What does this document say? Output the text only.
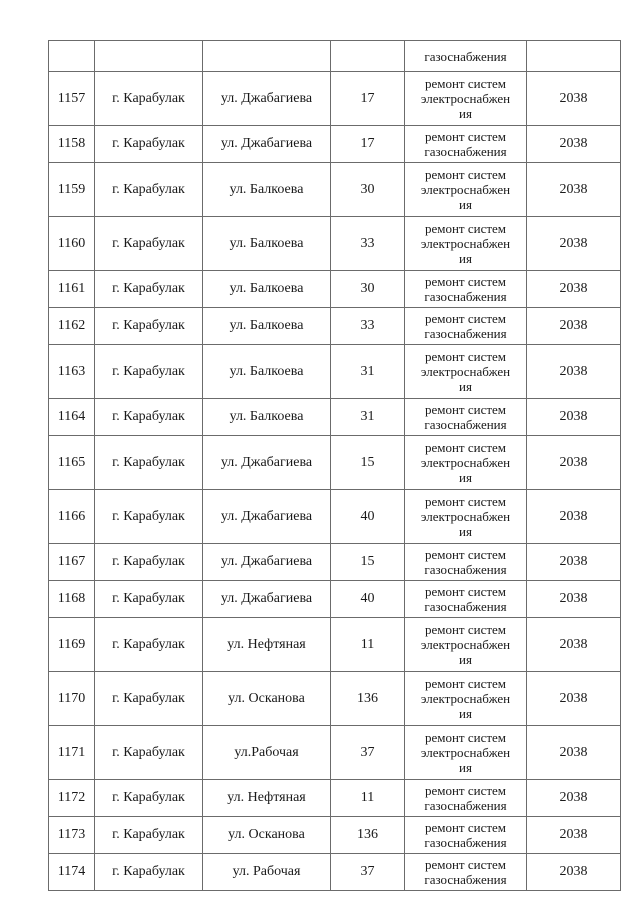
				газоснабжения	
1157	г. Карабулак	ул. Джабагиева	17	ремонт систем
электроснабжен
ия	2038
1158	г. Карабулак	ул. Джабагиева	17	ремонт систем
газоснабжения	2038
1159	г. Карабулак	ул. Балкоева	30	ремонт систем
электроснабжен
ия	2038
1160	г. Карабулак	ул. Балкоева	33	ремонт систем
электроснабжен
ия	2038
1161	г. Карабулак	ул. Балкоева	30	ремонт систем
газоснабжения	2038
1162	г. Карабулак	ул. Балкоева	33	ремонт систем
газоснабжения	2038
1163	г. Карабулак	ул. Балкоева	31	ремонт систем
электроснабжен
ия	2038
1164	г. Карабулак	ул. Балкоева	31	ремонт систем
газоснабжения	2038
1165	г. Карабулак	ул. Джабагиева	15	ремонт систем
электроснабжен
ия	2038
1166	г. Карабулак	ул. Джабагиева	40	ремонт систем
электроснабжен
ия	2038
1167	г. Карабулак	ул. Джабагиева	15	ремонт систем
газоснабжения	2038
1168	г. Карабулак	ул. Джабагиева	40	ремонт систем
газоснабжения	2038
1169	г. Карабулак	ул. Нефтяная	11	ремонт систем
электроснабжен
ия	2038
1170	г. Карабулак	ул. Осканова	136	ремонт систем
электроснабжен
ия	2038
1171	г. Карабулак	ул.Рабочая	37	ремонт систем
электроснабжен
ия	2038
1172	г. Карабулак	ул. Нефтяная	11	ремонт систем
газоснабжения	2038
1173	г. Карабулак	ул. Осканова	136	ремонт систем
газоснабжения	2038
1174	г. Карабулак	ул. Рабочая	37	ремонт систем
газоснабжения	2038
